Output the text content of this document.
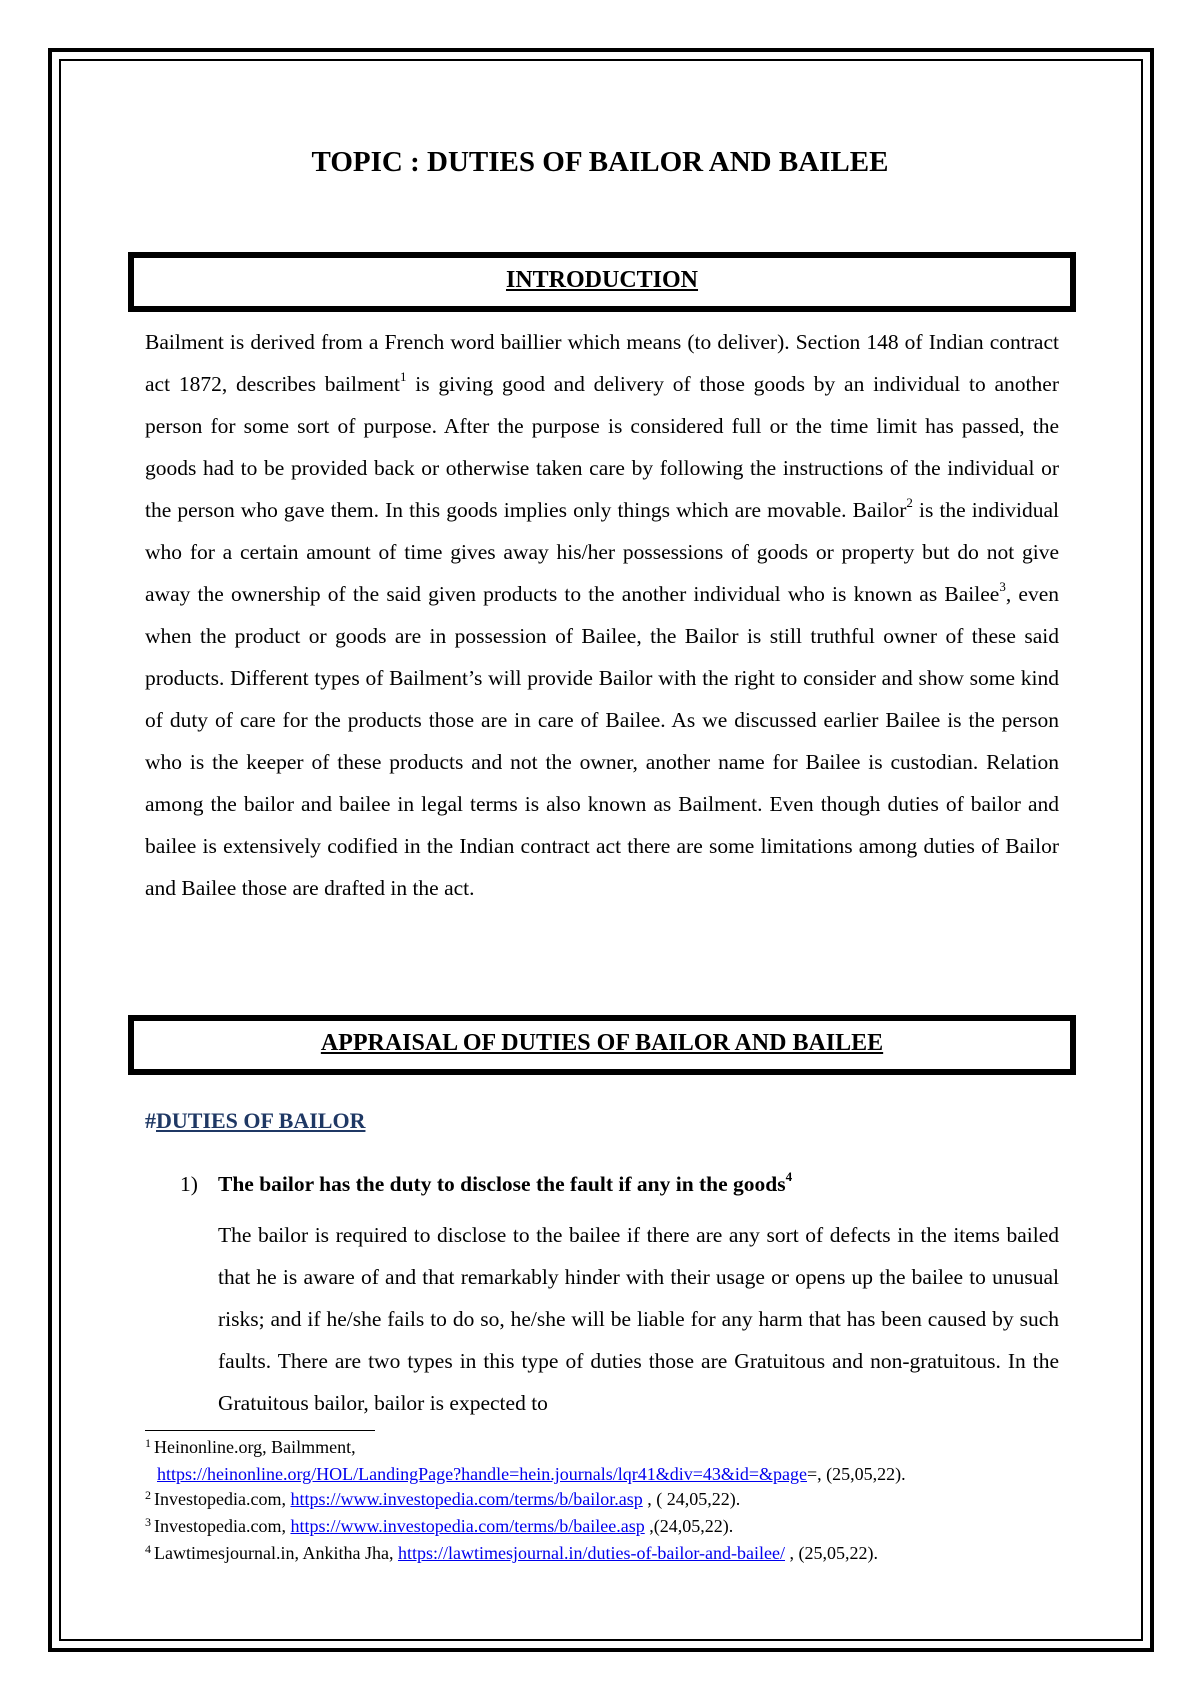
TOPIC : DUTIES OF BAILOR AND BAILEE
INTRODUCTION

Bailment is derived from a French word baillier which means (to deliver). Section 148 of Indian contract act 1872, describes bailment$^1$ is giving good and delivery of those goods by an individual to another person for some sort of purpose. After the purpose is considered full or the time limit has passed, the goods had to be provided back or otherwise taken care by following the instructions of the individual or the person who gave them. In this goods implies only things which are movable. Bailor$^2$ is the individual who for a certain amount of time gives away his/her possessions of goods or property but do not give away the ownership of the said given products to the another individual who is known as Bailee$^3$, even when the product or goods are in possession of Bailee, the Bailor is still truthful owner of these said products. Different types of Bailment’s will provide Bailor with the right to consider and show some kind of duty of care for the products those are in care of Bailee. As we discussed earlier Bailee is the person who is the keeper of these products and not the owner, another name for Bailee is custodian. Relation among the bailor and bailee in legal terms is also known as Bailment. Even though duties of bailor and bailee is extensively codified in the Indian contract act there are some limitations among duties of Bailor and Bailee those are drafted in the act.

APPRAISAL OF DUTIES OF BAILOR AND BAILEE

#DUTIES OF BAILOR

1) The bailor has the duty to disclose the fault if any in the goods$^4$

The bailor is required to disclose to the bailee if there are any sort of defects in the items bailed that he is aware of and that remarkably hinder with their usage or opens up the bailee to unusual risks; and if he/she fails to do so, he/she will be liable for any harm that has been caused by such faults. There are two types in this type of duties those are Gratuitous and non-gratuitous. In the Gratuitous bailor, bailor is expected to

$^1$ Heinonline.org, Bailmment,
https://heinonline.org/HOL/LandingPage?handle=hein.journals/lqr41&div=43&id=&page=, (25,05,22).
$^2$ Investopedia.com, https://www.investopedia.com/terms/b/bailor.asp , ( 24,05,22).
$^3$ Investopedia.com, https://www.investopedia.com/terms/b/bailee.asp ,(24,05,22).
$^4$ Lawtimesjournal.in, Ankitha Jha, https://lawtimesjournal.in/duties-of-bailor-and-bailee/ , (25,05,22).
